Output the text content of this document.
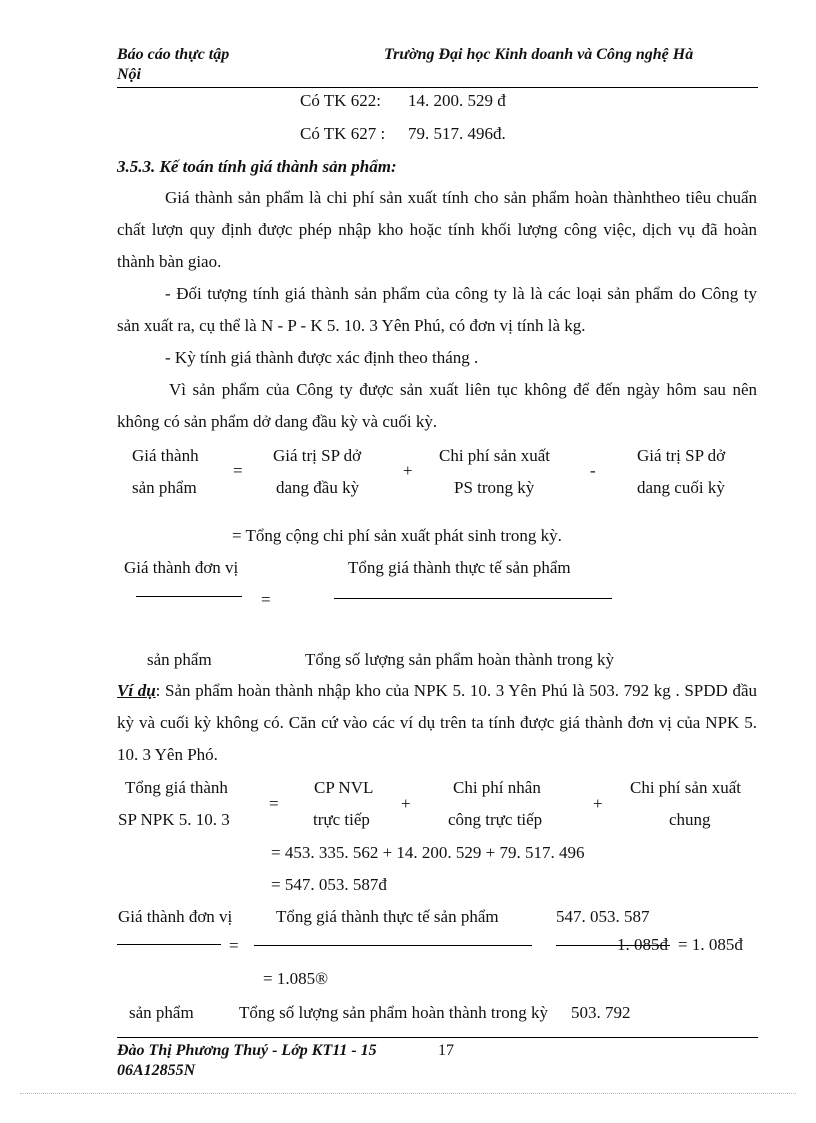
Báo cáo thực tập
Nội
Trường Đại học Kinh doanh và Công nghệ Hà
Có TK 622: 14. 200. 529 đ
Có TK 627 : 79. 517. 496đ.
3.5.3. Kế toán tính giá thành sản phẩm:
Giá thành sản phẩm là chi phí sản xuất tính cho sản phẩm hoàn thànhtheo tiêu chuẩn chất lượn quy định được phép nhập kho hoặc tính khối lượng công việc, dịch vụ đã hoàn thành bàn giao.
- Đối tượng tính giá thành sản phẩm của công ty là là các loại sản phẩm do Công ty sản xuất ra, cụ thể là N - P - K 5. 10. 3 Yên Phú, có đơn vị tính là kg.
- Kỳ tính giá thành được xác định theo tháng .
Vì sản phẩm của Công ty được sản xuất liên tục không để đến ngày hôm sau nên không có sản phẩm dở dang đầu kỳ và cuối kỳ.
Giá thành
sản phẩm
=
Giá trị SP dở
dang đầu kỳ
+
Chi phí sản xuất
PS trong kỳ
-
Giá trị SP dở
dang cuối kỳ
= Tổng cộng chi phí sản xuất phát sinh trong kỳ.
Giá thành đơn vị
=
Tổng giá thành thực tế sản phẩm
sản phẩm	Tổng số lượng sản phẩm hoàn thành trong kỳ
Ví dụ: Sản phẩm hoàn thành nhập kho của NPK 5. 10. 3 Yên Phú là 503. 792 kg . SPDD đầu kỳ và cuối kỳ không có. Căn cứ vào các ví dụ trên ta tính được giá thành đơn vị của NPK 5. 10. 3 Yên Phó.
Tổng giá thành
SP NPK 5. 10. 3
=
CP NVL
trực tiếp
+
Chi phí nhân
công trực tiếp
+
Chi phí sản xuất
chung
= 453. 335. 562 + 14. 200. 529 + 79. 517. 496
= 547. 053. 587đ
Giá thành đơn vị	Tổng giá thành thực tế sản phẩm	547. 053. 587
=	1. 085đ = 1. 085đ
= 1.085®
sản phẩm	Tổng số lượng sản phẩm hoàn thành trong kỳ 503. 792
Đào Thị Phương Thuý - Lớp KT11 - 15	17
06A12855N
